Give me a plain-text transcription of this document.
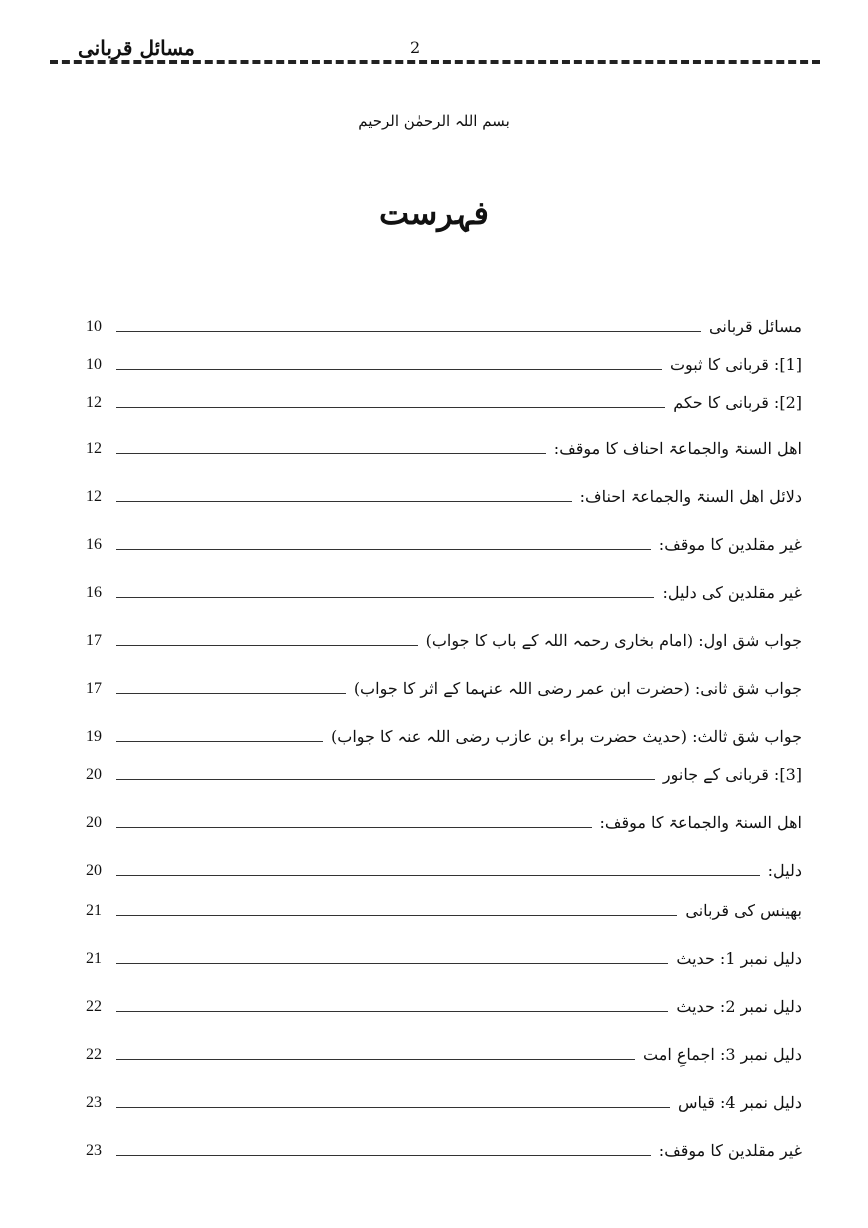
مسائل قربانی	2
بسم اللہ الرحمٰن الرحیم
فہرست
مسائل قربانی
10
[1]: قربانی کا ثبوت
10
[2]: قربانی کا حکم
12
اهل السنۃ والجماعۃ احناف کا موقف:
12
دلائل اهل السنۃ والجماعۃ احناف:
12
غیر مقلدین کا موقف:
16
غیر مقلدین کی دلیل:
16
جواب شق اول: (امام بخاری رحمہ اللہ کے باب کا جواب)
17
جواب شق ثانی: (حضرت ابن عمر رضی اللہ عنہما کے اثر کا جواب)
17
جواب شق ثالث: (حدیث حضرت براء بن عازب رضی اللہ عنہ کا جواب)
19
[3]: قربانی کے جانور
20
اهل السنۃ والجماعۃ کا موقف:
20
دلیل:
20
بھینس کی قربانی
21
دلیل نمبر 1: حدیث
21
دلیل نمبر 2: حدیث
22
دلیل نمبر 3: اجماعِ امت
22
دلیل نمبر 4: قیاس
23
غیر مقلدین کا موقف:
23
